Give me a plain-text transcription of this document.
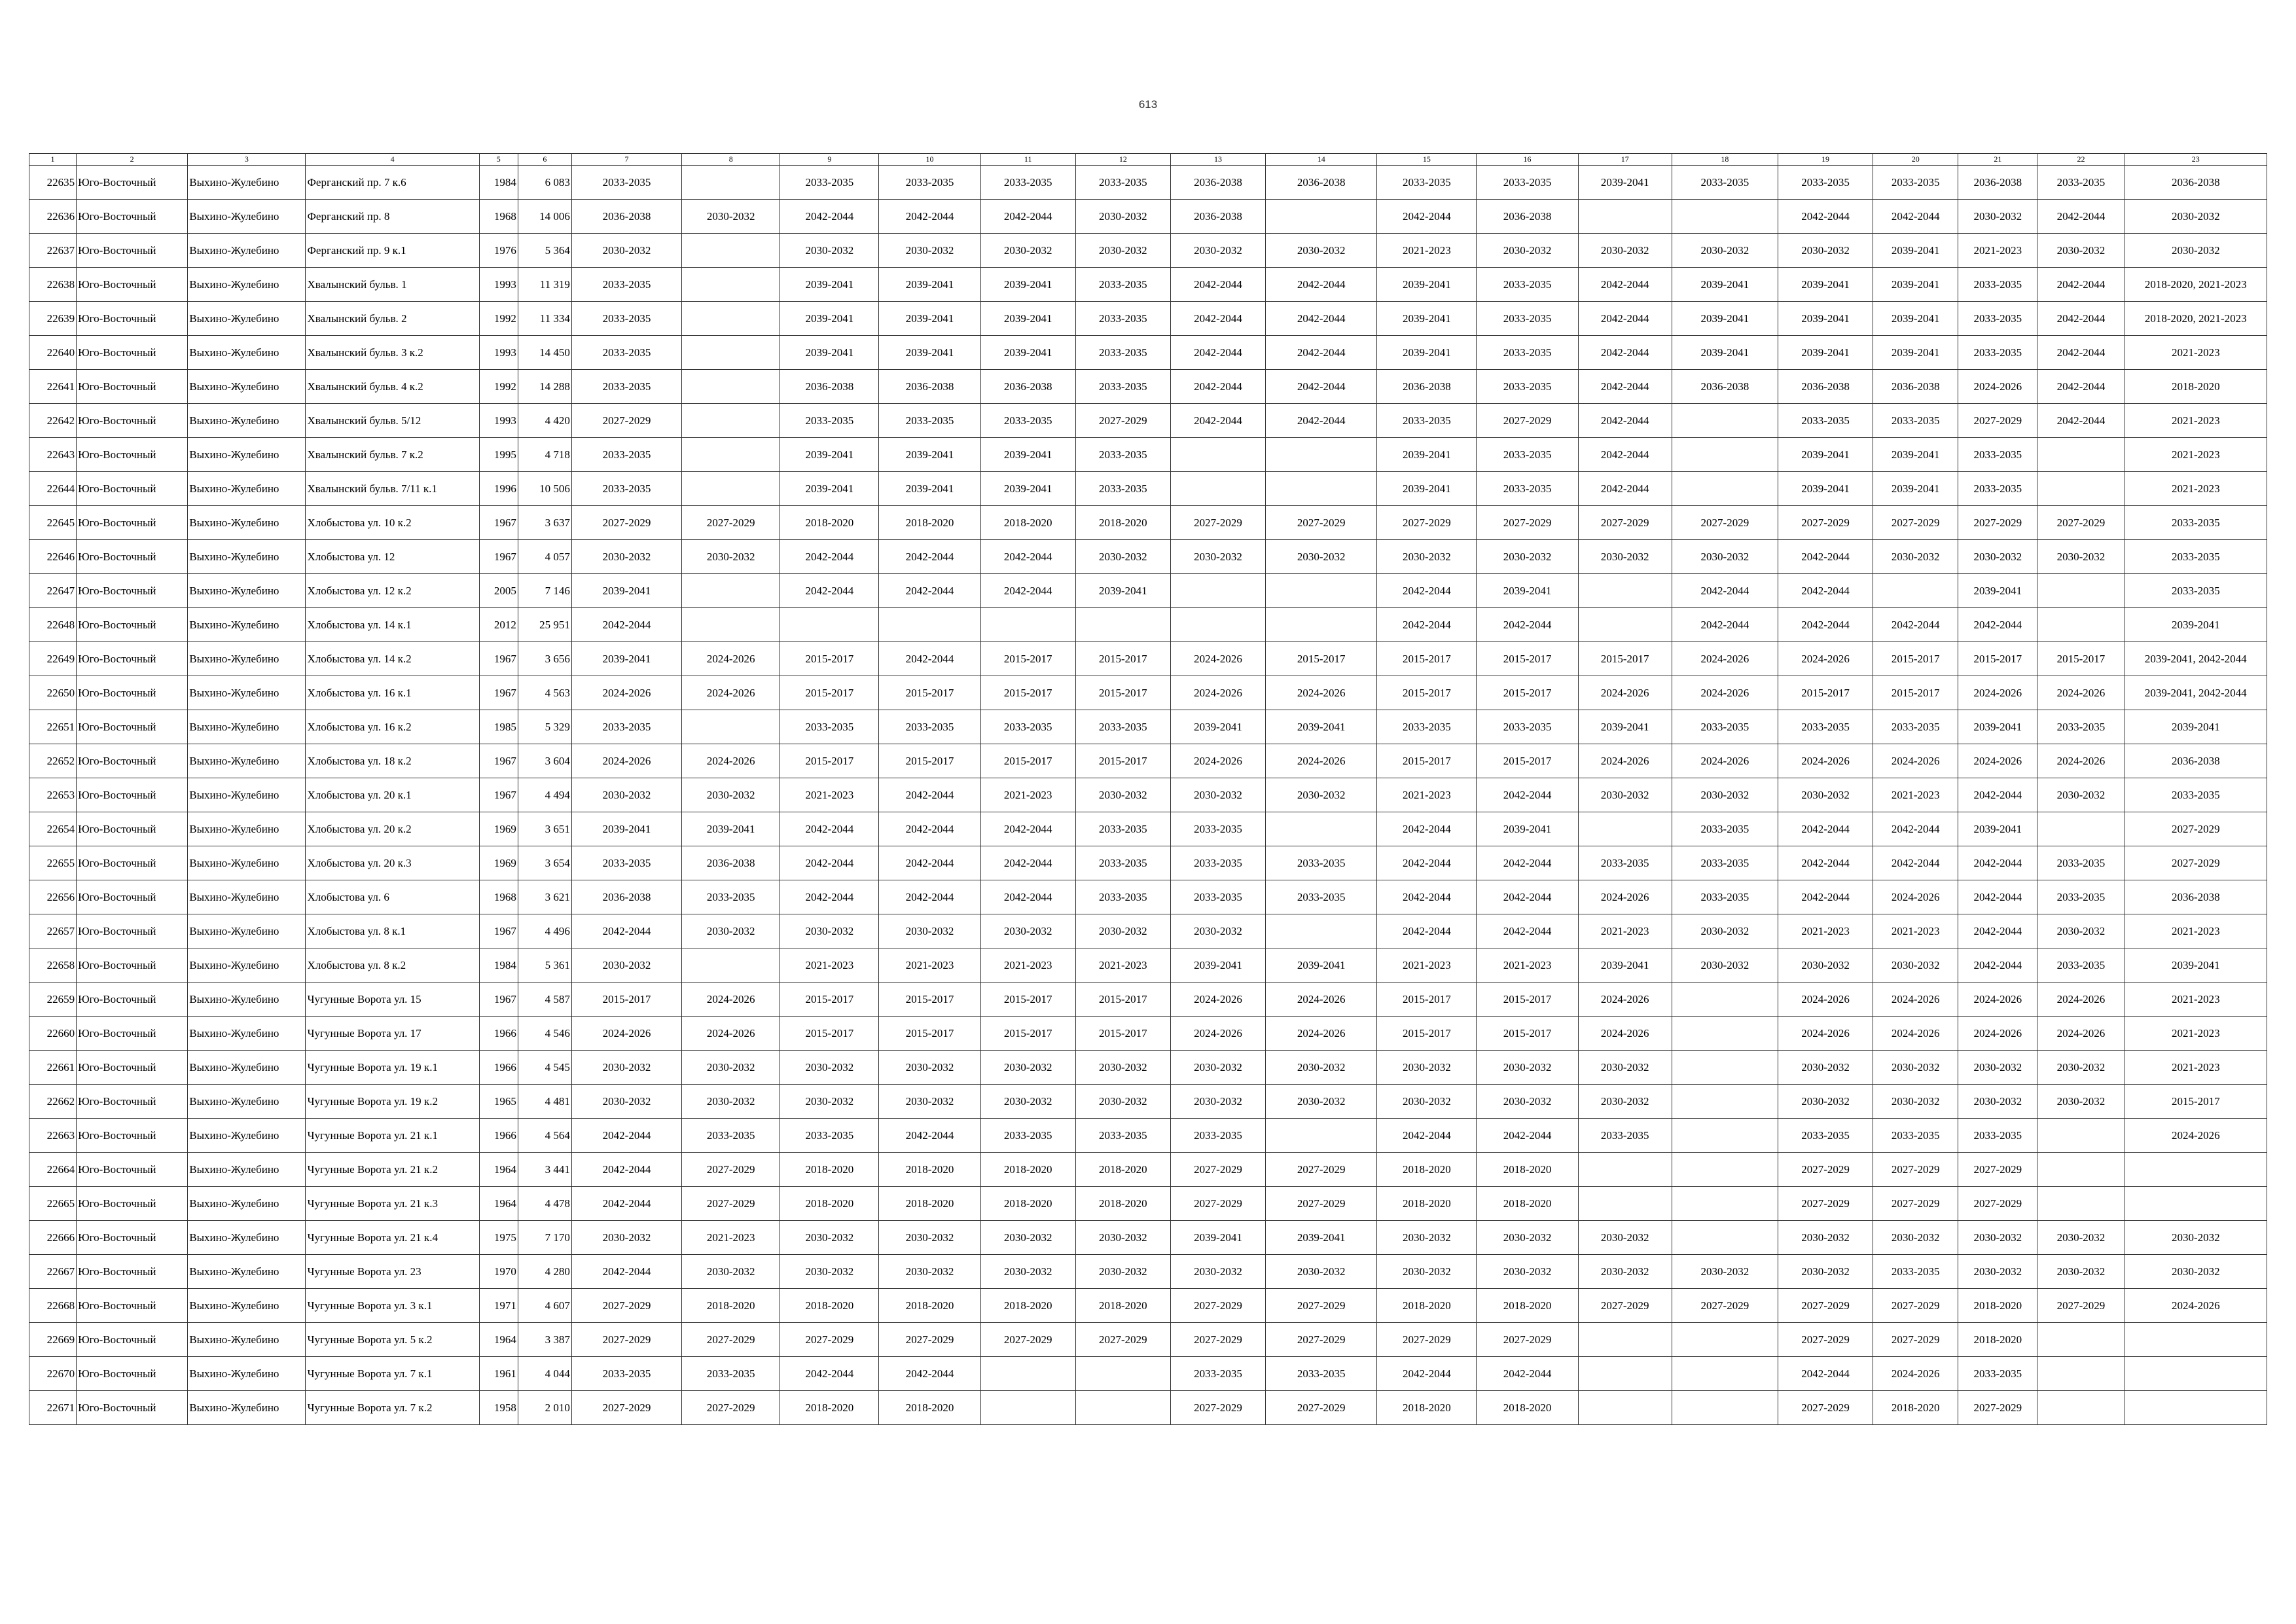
613
1	2	3	4	5	6	7	8	9	10	11	12	13	14	15	16	17	18	19	20	21	22	23
22635	Юго-Восточный	Выхино-Жулебино	Ферганский пр. 7 к.6	1984	6 083	2033-2035		2033-2035	2033-2035	2033-2035	2033-2035	2036-2038	2036-2038	2033-2035	2033-2035	2039-2041	2033-2035	2033-2035	2033-2035	2036-2038	2033-2035	2036-2038
22636	Юго-Восточный	Выхино-Жулебино	Ферганский пр. 8	1968	14 006	2036-2038	2030-2032	2042-2044	2042-2044	2042-2044	2030-2032	2036-2038		2042-2044	2036-2038			2042-2044	2042-2044	2030-2032	2042-2044	2030-2032
22637	Юго-Восточный	Выхино-Жулебино	Ферганский пр. 9 к.1	1976	5 364	2030-2032		2030-2032	2030-2032	2030-2032	2030-2032	2030-2032	2030-2032	2021-2023	2030-2032	2030-2032	2030-2032	2030-2032	2039-2041	2021-2023	2030-2032	2030-2032
22638	Юго-Восточный	Выхино-Жулебино	Хвалынский бульв. 1	1993	11 319	2033-2035		2039-2041	2039-2041	2039-2041	2033-2035	2042-2044	2042-2044	2039-2041	2033-2035	2042-2044	2039-2041	2039-2041	2039-2041	2033-2035	2042-2044	2018-2020, 2021-2023
22639	Юго-Восточный	Выхино-Жулебино	Хвалынский бульв. 2	1992	11 334	2033-2035		2039-2041	2039-2041	2039-2041	2033-2035	2042-2044	2042-2044	2039-2041	2033-2035	2042-2044	2039-2041	2039-2041	2039-2041	2033-2035	2042-2044	2018-2020, 2021-2023
22640	Юго-Восточный	Выхино-Жулебино	Хвалынский бульв. 3 к.2	1993	14 450	2033-2035		2039-2041	2039-2041	2039-2041	2033-2035	2042-2044	2042-2044	2039-2041	2033-2035	2042-2044	2039-2041	2039-2041	2039-2041	2033-2035	2042-2044	2021-2023
22641	Юго-Восточный	Выхино-Жулебино	Хвалынский бульв. 4 к.2	1992	14 288	2033-2035		2036-2038	2036-2038	2036-2038	2033-2035	2042-2044	2042-2044	2036-2038	2033-2035	2042-2044	2036-2038	2036-2038	2036-2038	2024-2026	2042-2044	2018-2020
22642	Юго-Восточный	Выхино-Жулебино	Хвалынский бульв. 5/12	1993	4 420	2027-2029		2033-2035	2033-2035	2033-2035	2027-2029	2042-2044	2042-2044	2033-2035	2027-2029	2042-2044		2033-2035	2033-2035	2027-2029	2042-2044	2021-2023
22643	Юго-Восточный	Выхино-Жулебино	Хвалынский бульв. 7 к.2	1995	4 718	2033-2035		2039-2041	2039-2041	2039-2041	2033-2035			2039-2041	2033-2035	2042-2044		2039-2041	2039-2041	2033-2035		2021-2023
22644	Юго-Восточный	Выхино-Жулебино	Хвалынский бульв. 7/11 к.1	1996	10 506	2033-2035		2039-2041	2039-2041	2039-2041	2033-2035			2039-2041	2033-2035	2042-2044		2039-2041	2039-2041	2033-2035		2021-2023
22645	Юго-Восточный	Выхино-Жулебино	Хлобыстова ул. 10 к.2	1967	3 637	2027-2029	2027-2029	2018-2020	2018-2020	2018-2020	2018-2020	2027-2029	2027-2029	2027-2029	2027-2029	2027-2029	2027-2029	2027-2029	2027-2029	2027-2029	2027-2029	2033-2035
22646	Юго-Восточный	Выхино-Жулебино	Хлобыстова ул. 12	1967	4 057	2030-2032	2030-2032	2042-2044	2042-2044	2042-2044	2030-2032	2030-2032	2030-2032	2030-2032	2030-2032	2030-2032	2030-2032	2042-2044	2030-2032	2030-2032	2030-2032	2033-2035
22647	Юго-Восточный	Выхино-Жулебино	Хлобыстова ул. 12 к.2	2005	7 146	2039-2041		2042-2044	2042-2044	2042-2044	2039-2041			2042-2044	2039-2041		2042-2044	2042-2044		2039-2041		2033-2035
22648	Юго-Восточный	Выхино-Жулебино	Хлобыстова ул. 14 к.1	2012	25 951	2042-2044								2042-2044	2042-2044		2042-2044	2042-2044	2042-2044	2042-2044		2039-2041
22649	Юго-Восточный	Выхино-Жулебино	Хлобыстова ул. 14 к.2	1967	3 656	2039-2041	2024-2026	2015-2017	2042-2044	2015-2017	2015-2017	2024-2026	2015-2017	2015-2017	2015-2017	2015-2017	2024-2026	2024-2026	2015-2017	2015-2017	2015-2017	2039-2041, 2042-2044
22650	Юго-Восточный	Выхино-Жулебино	Хлобыстова ул. 16 к.1	1967	4 563	2024-2026	2024-2026	2015-2017	2015-2017	2015-2017	2015-2017	2024-2026	2024-2026	2015-2017	2015-2017	2024-2026	2024-2026	2015-2017	2015-2017	2024-2026	2024-2026	2039-2041, 2042-2044
22651	Юго-Восточный	Выхино-Жулебино	Хлобыстова ул. 16 к.2	1985	5 329	2033-2035		2033-2035	2033-2035	2033-2035	2033-2035	2039-2041	2039-2041	2033-2035	2033-2035	2039-2041	2033-2035	2033-2035	2033-2035	2039-2041	2033-2035	2039-2041
22652	Юго-Восточный	Выхино-Жулебино	Хлобыстова ул. 18 к.2	1967	3 604	2024-2026	2024-2026	2015-2017	2015-2017	2015-2017	2015-2017	2024-2026	2024-2026	2015-2017	2015-2017	2024-2026	2024-2026	2024-2026	2024-2026	2024-2026	2024-2026	2036-2038
22653	Юго-Восточный	Выхино-Жулебино	Хлобыстова ул. 20 к.1	1967	4 494	2030-2032	2030-2032	2021-2023	2042-2044	2021-2023	2030-2032	2030-2032	2030-2032	2021-2023	2042-2044	2030-2032	2030-2032	2030-2032	2021-2023	2042-2044	2030-2032	2033-2035
22654	Юго-Восточный	Выхино-Жулебино	Хлобыстова ул. 20 к.2	1969	3 651	2039-2041	2039-2041	2042-2044	2042-2044	2042-2044	2033-2035	2033-2035		2042-2044	2039-2041		2033-2035	2042-2044	2042-2044	2039-2041		2027-2029
22655	Юго-Восточный	Выхино-Жулебино	Хлобыстова ул. 20 к.3	1969	3 654	2033-2035	2036-2038	2042-2044	2042-2044	2042-2044	2033-2035	2033-2035	2033-2035	2042-2044	2042-2044	2033-2035	2033-2035	2042-2044	2042-2044	2042-2044	2033-2035	2027-2029
22656	Юго-Восточный	Выхино-Жулебино	Хлобыстова ул. 6	1968	3 621	2036-2038	2033-2035	2042-2044	2042-2044	2042-2044	2033-2035	2033-2035	2033-2035	2042-2044	2042-2044	2024-2026	2033-2035	2042-2044	2024-2026	2042-2044	2033-2035	2036-2038
22657	Юго-Восточный	Выхино-Жулебино	Хлобыстова ул. 8 к.1	1967	4 496	2042-2044	2030-2032	2030-2032	2030-2032	2030-2032	2030-2032	2030-2032		2042-2044	2042-2044	2021-2023	2030-2032	2021-2023	2021-2023	2042-2044	2030-2032	2021-2023
22658	Юго-Восточный	Выхино-Жулебино	Хлобыстова ул. 8 к.2	1984	5 361	2030-2032		2021-2023	2021-2023	2021-2023	2021-2023	2039-2041	2039-2041	2021-2023	2021-2023	2039-2041	2030-2032	2030-2032	2030-2032	2042-2044	2033-2035	2039-2041
22659	Юго-Восточный	Выхино-Жулебино	Чугунные Ворота ул. 15	1967	4 587	2015-2017	2024-2026	2015-2017	2015-2017	2015-2017	2015-2017	2024-2026	2024-2026	2015-2017	2015-2017	2024-2026		2024-2026	2024-2026	2024-2026	2024-2026	2021-2023
22660	Юго-Восточный	Выхино-Жулебино	Чугунные Ворота ул. 17	1966	4 546	2024-2026	2024-2026	2015-2017	2015-2017	2015-2017	2015-2017	2024-2026	2024-2026	2015-2017	2015-2017	2024-2026		2024-2026	2024-2026	2024-2026	2024-2026	2021-2023
22661	Юго-Восточный	Выхино-Жулебино	Чугунные Ворота ул. 19 к.1	1966	4 545	2030-2032	2030-2032	2030-2032	2030-2032	2030-2032	2030-2032	2030-2032	2030-2032	2030-2032	2030-2032	2030-2032		2030-2032	2030-2032	2030-2032	2030-2032	2021-2023
22662	Юго-Восточный	Выхино-Жулебино	Чугунные Ворота ул. 19 к.2	1965	4 481	2030-2032	2030-2032	2030-2032	2030-2032	2030-2032	2030-2032	2030-2032	2030-2032	2030-2032	2030-2032	2030-2032		2030-2032	2030-2032	2030-2032	2030-2032	2015-2017
22663	Юго-Восточный	Выхино-Жулебино	Чугунные Ворота ул. 21 к.1	1966	4 564	2042-2044	2033-2035	2033-2035	2042-2044	2033-2035	2033-2035	2033-2035		2042-2044	2042-2044	2033-2035		2033-2035	2033-2035	2033-2035		2024-2026
22664	Юго-Восточный	Выхино-Жулебино	Чугунные Ворота ул. 21 к.2	1964	3 441	2042-2044	2027-2029	2018-2020	2018-2020	2018-2020	2018-2020	2027-2029	2027-2029	2018-2020	2018-2020			2027-2029	2027-2029	2027-2029		
22665	Юго-Восточный	Выхино-Жулебино	Чугунные Ворота ул. 21 к.3	1964	4 478	2042-2044	2027-2029	2018-2020	2018-2020	2018-2020	2018-2020	2027-2029	2027-2029	2018-2020	2018-2020			2027-2029	2027-2029	2027-2029		
22666	Юго-Восточный	Выхино-Жулебино	Чугунные Ворота ул. 21 к.4	1975	7 170	2030-2032	2021-2023	2030-2032	2030-2032	2030-2032	2030-2032	2039-2041	2039-2041	2030-2032	2030-2032	2030-2032		2030-2032	2030-2032	2030-2032	2030-2032	2030-2032
22667	Юго-Восточный	Выхино-Жулебино	Чугунные Ворота ул. 23	1970	4 280	2042-2044	2030-2032	2030-2032	2030-2032	2030-2032	2030-2032	2030-2032	2030-2032	2030-2032	2030-2032	2030-2032	2030-2032	2030-2032	2033-2035	2030-2032	2030-2032	2030-2032
22668	Юго-Восточный	Выхино-Жулебино	Чугунные Ворота ул. 3 к.1	1971	4 607	2027-2029	2018-2020	2018-2020	2018-2020	2018-2020	2018-2020	2027-2029	2027-2029	2018-2020	2018-2020	2027-2029	2027-2029	2027-2029	2027-2029	2018-2020	2027-2029	2024-2026
22669	Юго-Восточный	Выхино-Жулебино	Чугунные Ворота ул. 5 к.2	1964	3 387	2027-2029	2027-2029	2027-2029	2027-2029	2027-2029	2027-2029	2027-2029	2027-2029	2027-2029	2027-2029			2027-2029	2027-2029	2018-2020		
22670	Юго-Восточный	Выхино-Жулебино	Чугунные Ворота ул. 7 к.1	1961	4 044	2033-2035	2033-2035	2042-2044	2042-2044			2033-2035	2033-2035	2042-2044	2042-2044			2042-2044	2024-2026	2033-2035		
22671	Юго-Восточный	Выхино-Жулебино	Чугунные Ворота ул. 7 к.2	1958	2 010	2027-2029	2027-2029	2018-2020	2018-2020			2027-2029	2027-2029	2018-2020	2018-2020			2027-2029	2018-2020	2027-2029		
